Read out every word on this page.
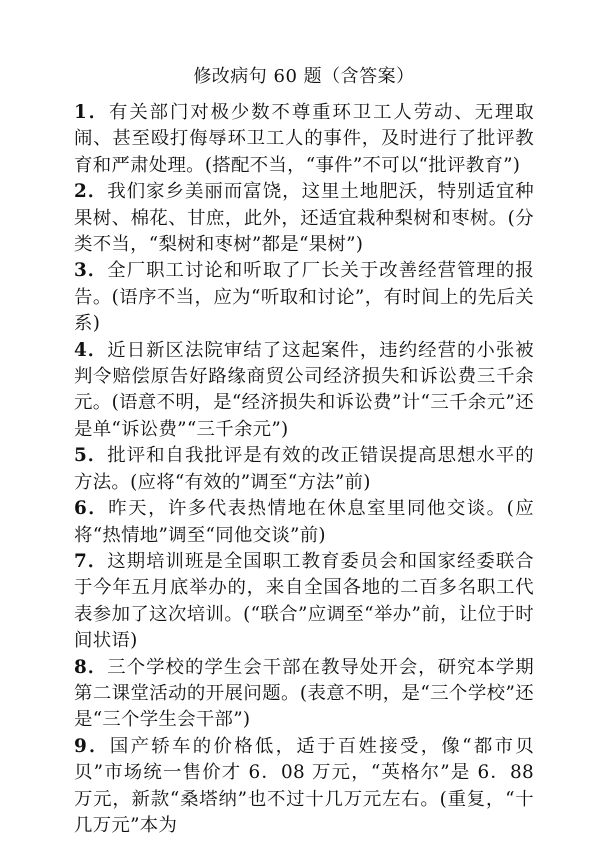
修改病句 60 题（含答案）

1．有关部门对极少数不尊重环卫工人劳动、无理取闹、甚至殴打侮辱环卫工人的事件，及时进行了批评教育和严肃处理。(搭配不当，“事件”不可以“批评教育”)

2．我们家乡美丽而富饶，这里土地肥沃，特别适宜种果树、棉花、甘庶，此外，还适宜栽种梨树和枣树。(分类不当，“梨树和枣树”都是“果树”)

3．全厂职工讨论和听取了厂长关于改善经营管理的报告。(语序不当，应为“听取和讨论”，有时间上的先后关系)

4．近日新区法院审结了这起案件，违约经营的小张被判令赔偿原告好路缘商贸公司经济损失和诉讼费三千余元。(语意不明，是“经济损失和诉讼费”计“三千余元”还是单“诉讼费”“三千余元”)

5．批评和自我批评是有效的改正错误提高思想水平的方法。(应将“有效的”调至“方法”前)

6．昨天，许多代表热情地在休息室里同他交谈。(应将“热情地”调至“同他交谈”前)

7．这期培训班是全国职工教育委员会和国家经委联合于今年五月底举办的，来自全国各地的二百多名职工代表参加了这次培训。(“联合”应调至“举办”前，让位于时间状语)

8．三个学校的学生会干部在教导处开会，研究本学期第二课堂活动的开展问题。(表意不明，是“三个学校”还是“三个学生会干部”)

9．国产轿车的价格低，适于百姓接受，像“都市贝贝”市场统一售价才 6．08 万元，“英格尔”是 6．88 万元，新款“桑塔纳”也不过十几万元左右。(重复，“十几万元”本为
